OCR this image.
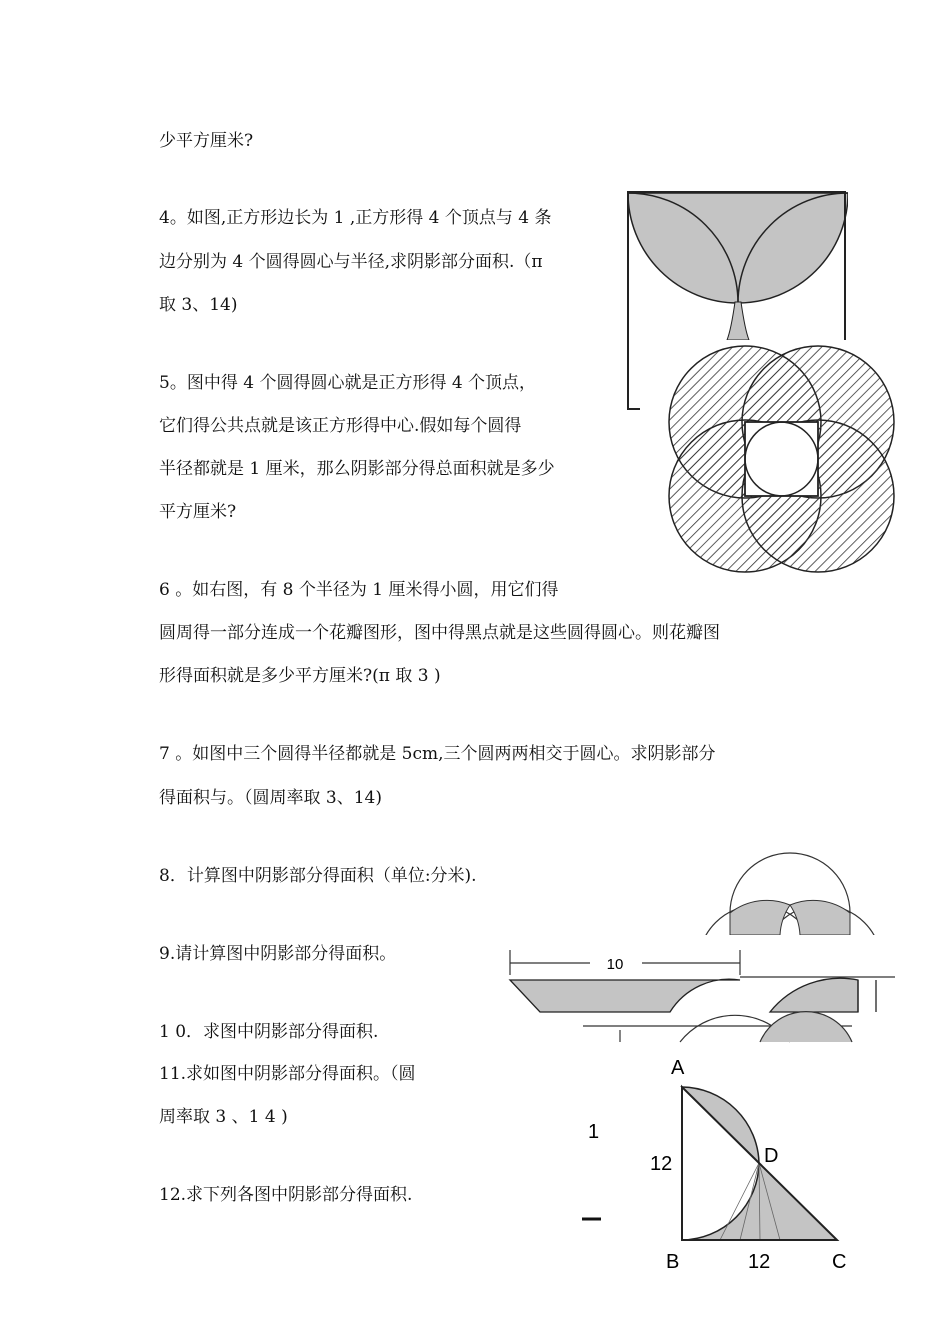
少平方厘米?
4。如图,正方形边长为 1 ,正方形得 4 个顶点与 4 条
边分别为 4 个圆得圆心与半径,求阴影部分面积.（π
取 3、14)
5。图中得 4 个圆得圆心就是正方形得 4 个顶点，
它们得公共点就是该正方形得中心.假如每个圆得
半径都就是 1 厘米，那么阴影部分得总面积就是多少
平方厘米?
6 。如右图，有 8 个半径为 1 厘米得小圆，用它们得
圆周得一部分连成一个花瓣图形，图中得黑点就是这些圆得圆心。则花瓣图
形得面积就是多少平方厘米?(π 取 3 )
7 。如图中三个圆得半径都就是 5cm,三个圆两两相交于圆心。求阴影部分
得面积与。（圆周率取 3、14)
8．计算图中阴影部分得面积（单位:分米).
9.请计算图中阴影部分得面积。
1 0．求图中阴影部分得面积.
11.求如图中阴影部分得面积。（圆
周率取 3 、1 4 )
12.求下列各图中阴影部分得面积.
10
1
A
B	C
D
12
12
